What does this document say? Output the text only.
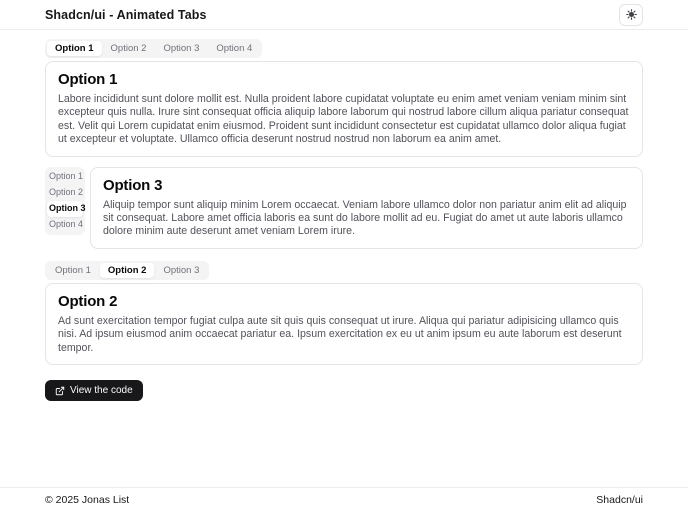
Shadcn/ui - Animated Tabs
Option 1	Option 2	Option 3	Option 4
Option 1
Labore incididunt sunt dolore mollit est. Nulla proident labore cupidatat voluptate eu enim amet veniam veniam minim sint excepteur quis nulla. Irure sint consequat officia aliquip labore laborum qui nostrud labore cillum aliqua pariatur consequat est. Velit qui Lorem cupidatat enim eiusmod. Proident sunt incididunt consectetur est cupidatat ullamco dolor aliqua fugiat ut excepteur et voluptate. Ullamco officia deserunt nostrud nostrud non laborum ea anim amet.
Option 1
Option 2
Option 3
Option 4
Option 3
Aliquip tempor sunt aliquip minim Lorem occaecat. Veniam labore ullamco dolor non pariatur anim elit ad aliquip sit consequat. Labore amet officia laboris ea sunt do labore mollit ad eu. Fugiat do amet ut aute laboris ullamco dolore minim aute deserunt amet veniam Lorem irure.
Option 1	Option 2	Option 3
Option 2
Ad sunt exercitation tempor fugiat culpa aute sit quis quis consequat ut irure. Aliqua qui pariatur adipisicing ullamco quis nisi. Ad ipsum eiusmod anim occaecat pariatur ea. Ipsum exercitation ex eu ut anim ipsum eu aute laborum est deserunt tempor.
View the code
© 2025 Jonas List	Shadcn/ui
